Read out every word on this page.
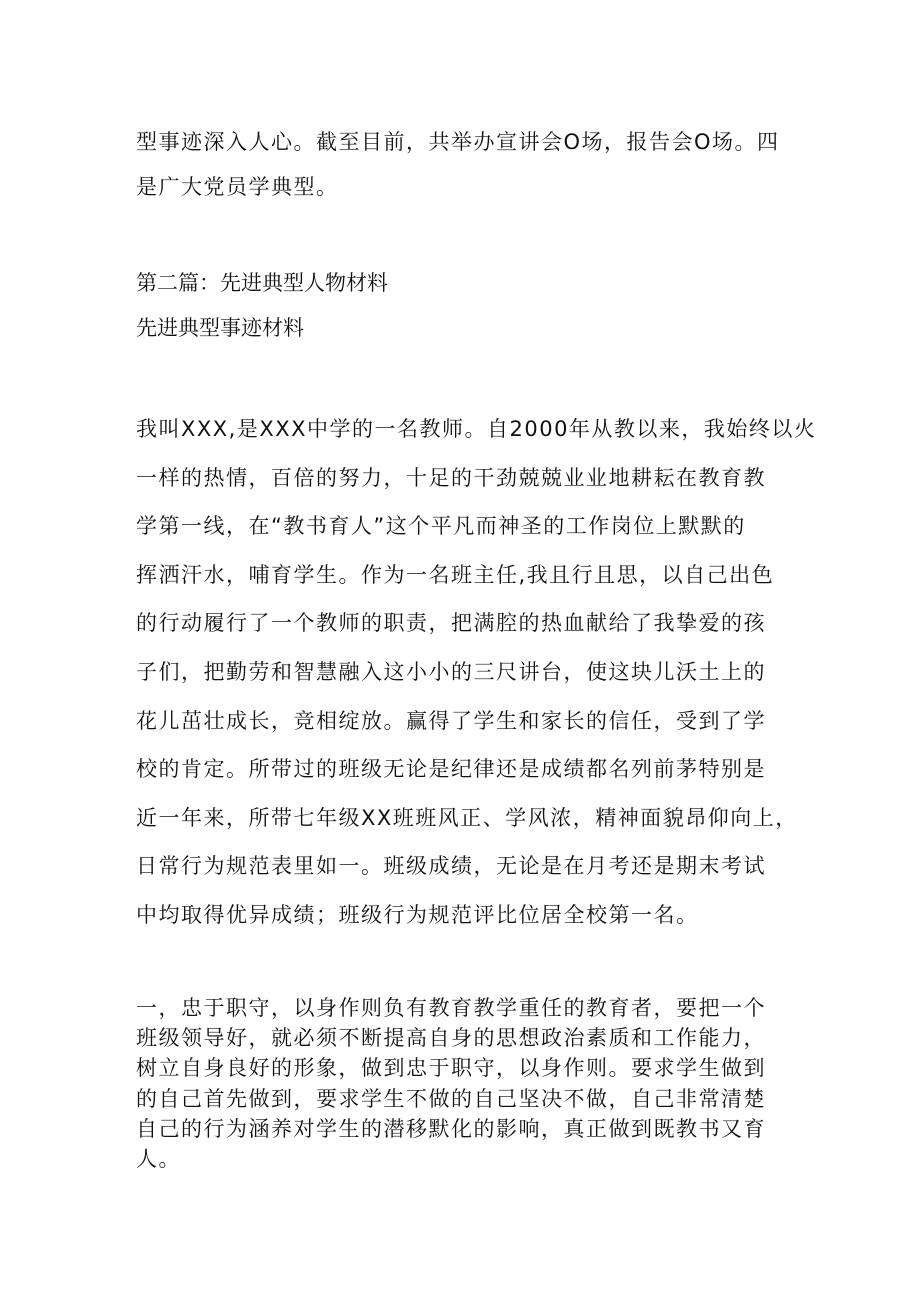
型事迹深入人心。截至目前，共举办宣讲会O场，报告会O场。四
是广大党员学典型。
第二篇：先进典型人物材料
先进典型事迹材料
我叫XXX,是XXX中学的一名教师。自2000年从教以来，我始终以火
一样的热情，百倍的努力，十足的干劲兢兢业业地耕耘在教育教
学第一线，在“教书育人”这个平凡而神圣的工作岗位上默默的
挥洒汗水，哺育学生。作为一名班主任,我且行且思，以自己出色
的行动履行了一个教师的职责，把满腔的热血献给了我挚爱的孩
子们，把勤劳和智慧融入这小小的三尺讲台，使这块儿沃土上的
花儿茁壮成长，竞相绽放。赢得了学生和家长的信任，受到了学
校的肯定。所带过的班级无论是纪律还是成绩都名列前茅特别是
近一年来，所带七年级XX班班风正、学风浓，精神面貌昂仰向上，
日常行为规范表里如一。班级成绩，无论是在月考还是期末考试
中均取得优异成绩；班级行为规范评比位居全校第一名。
一，忠于职守，以身作则负有教育教学重任的教育者，要把一个
班级领导好，就必须不断提高自身的思想政治素质和工作能力，
树立自身良好的形象，做到忠于职守，以身作则。要求学生做到
的自己首先做到，要求学生不做的自己坚决不做，自己非常清楚
自己的行为涵养对学生的潜移默化的影响，真正做到既教书又育
人。
